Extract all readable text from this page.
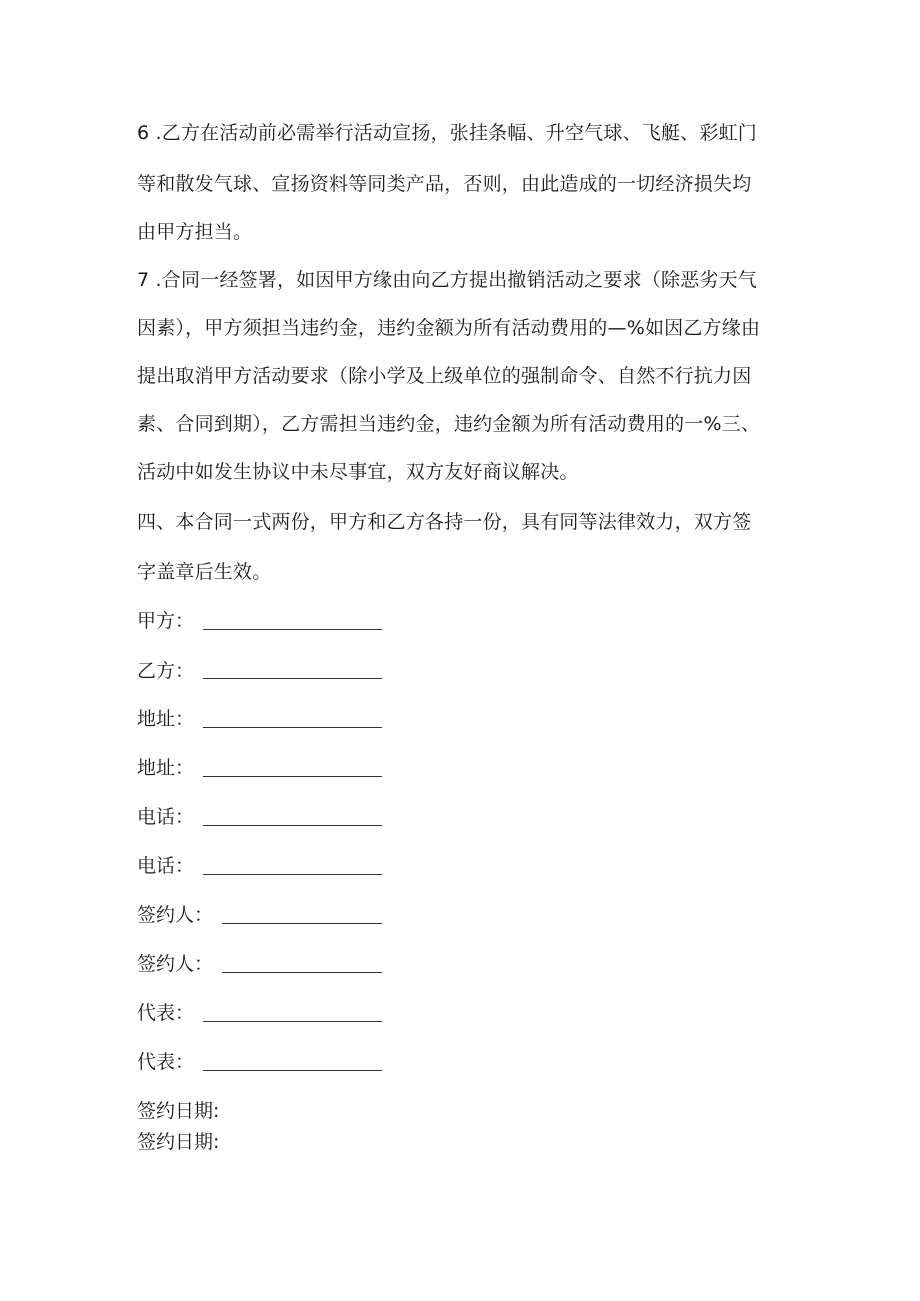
6 .乙方在活动前必需举行活动宣扬，张挂条幅、升空气球、飞艇、彩虹门
等和散发气球、宣扬资料等同类产品，否则，由此造成的一切经济损失均
由甲方担当。
7 .合同一经签署，如因甲方缘由向乙方提出撤销活动之要求（除恶劣天气
因素），甲方须担当违约金，违约金额为所有活动费用的—%如因乙方缘由
提出取消甲方活动要求（除小学及上级单位的强制命令、自然不行抗力因
素、合同到期），乙方需担当违约金，违约金额为所有活动费用的一%三、
活动中如发生协议中未尽事宜，双方友好商议解决。
四、本合同一式两份，甲方和乙方各持一份，具有同等法律效力，双方签
字盖章后生效。
甲方：
乙方：
地址：
地址：
电话：
电话：
签约人：
签约人：
代表：
代表：
签约日期:
签约日期:
